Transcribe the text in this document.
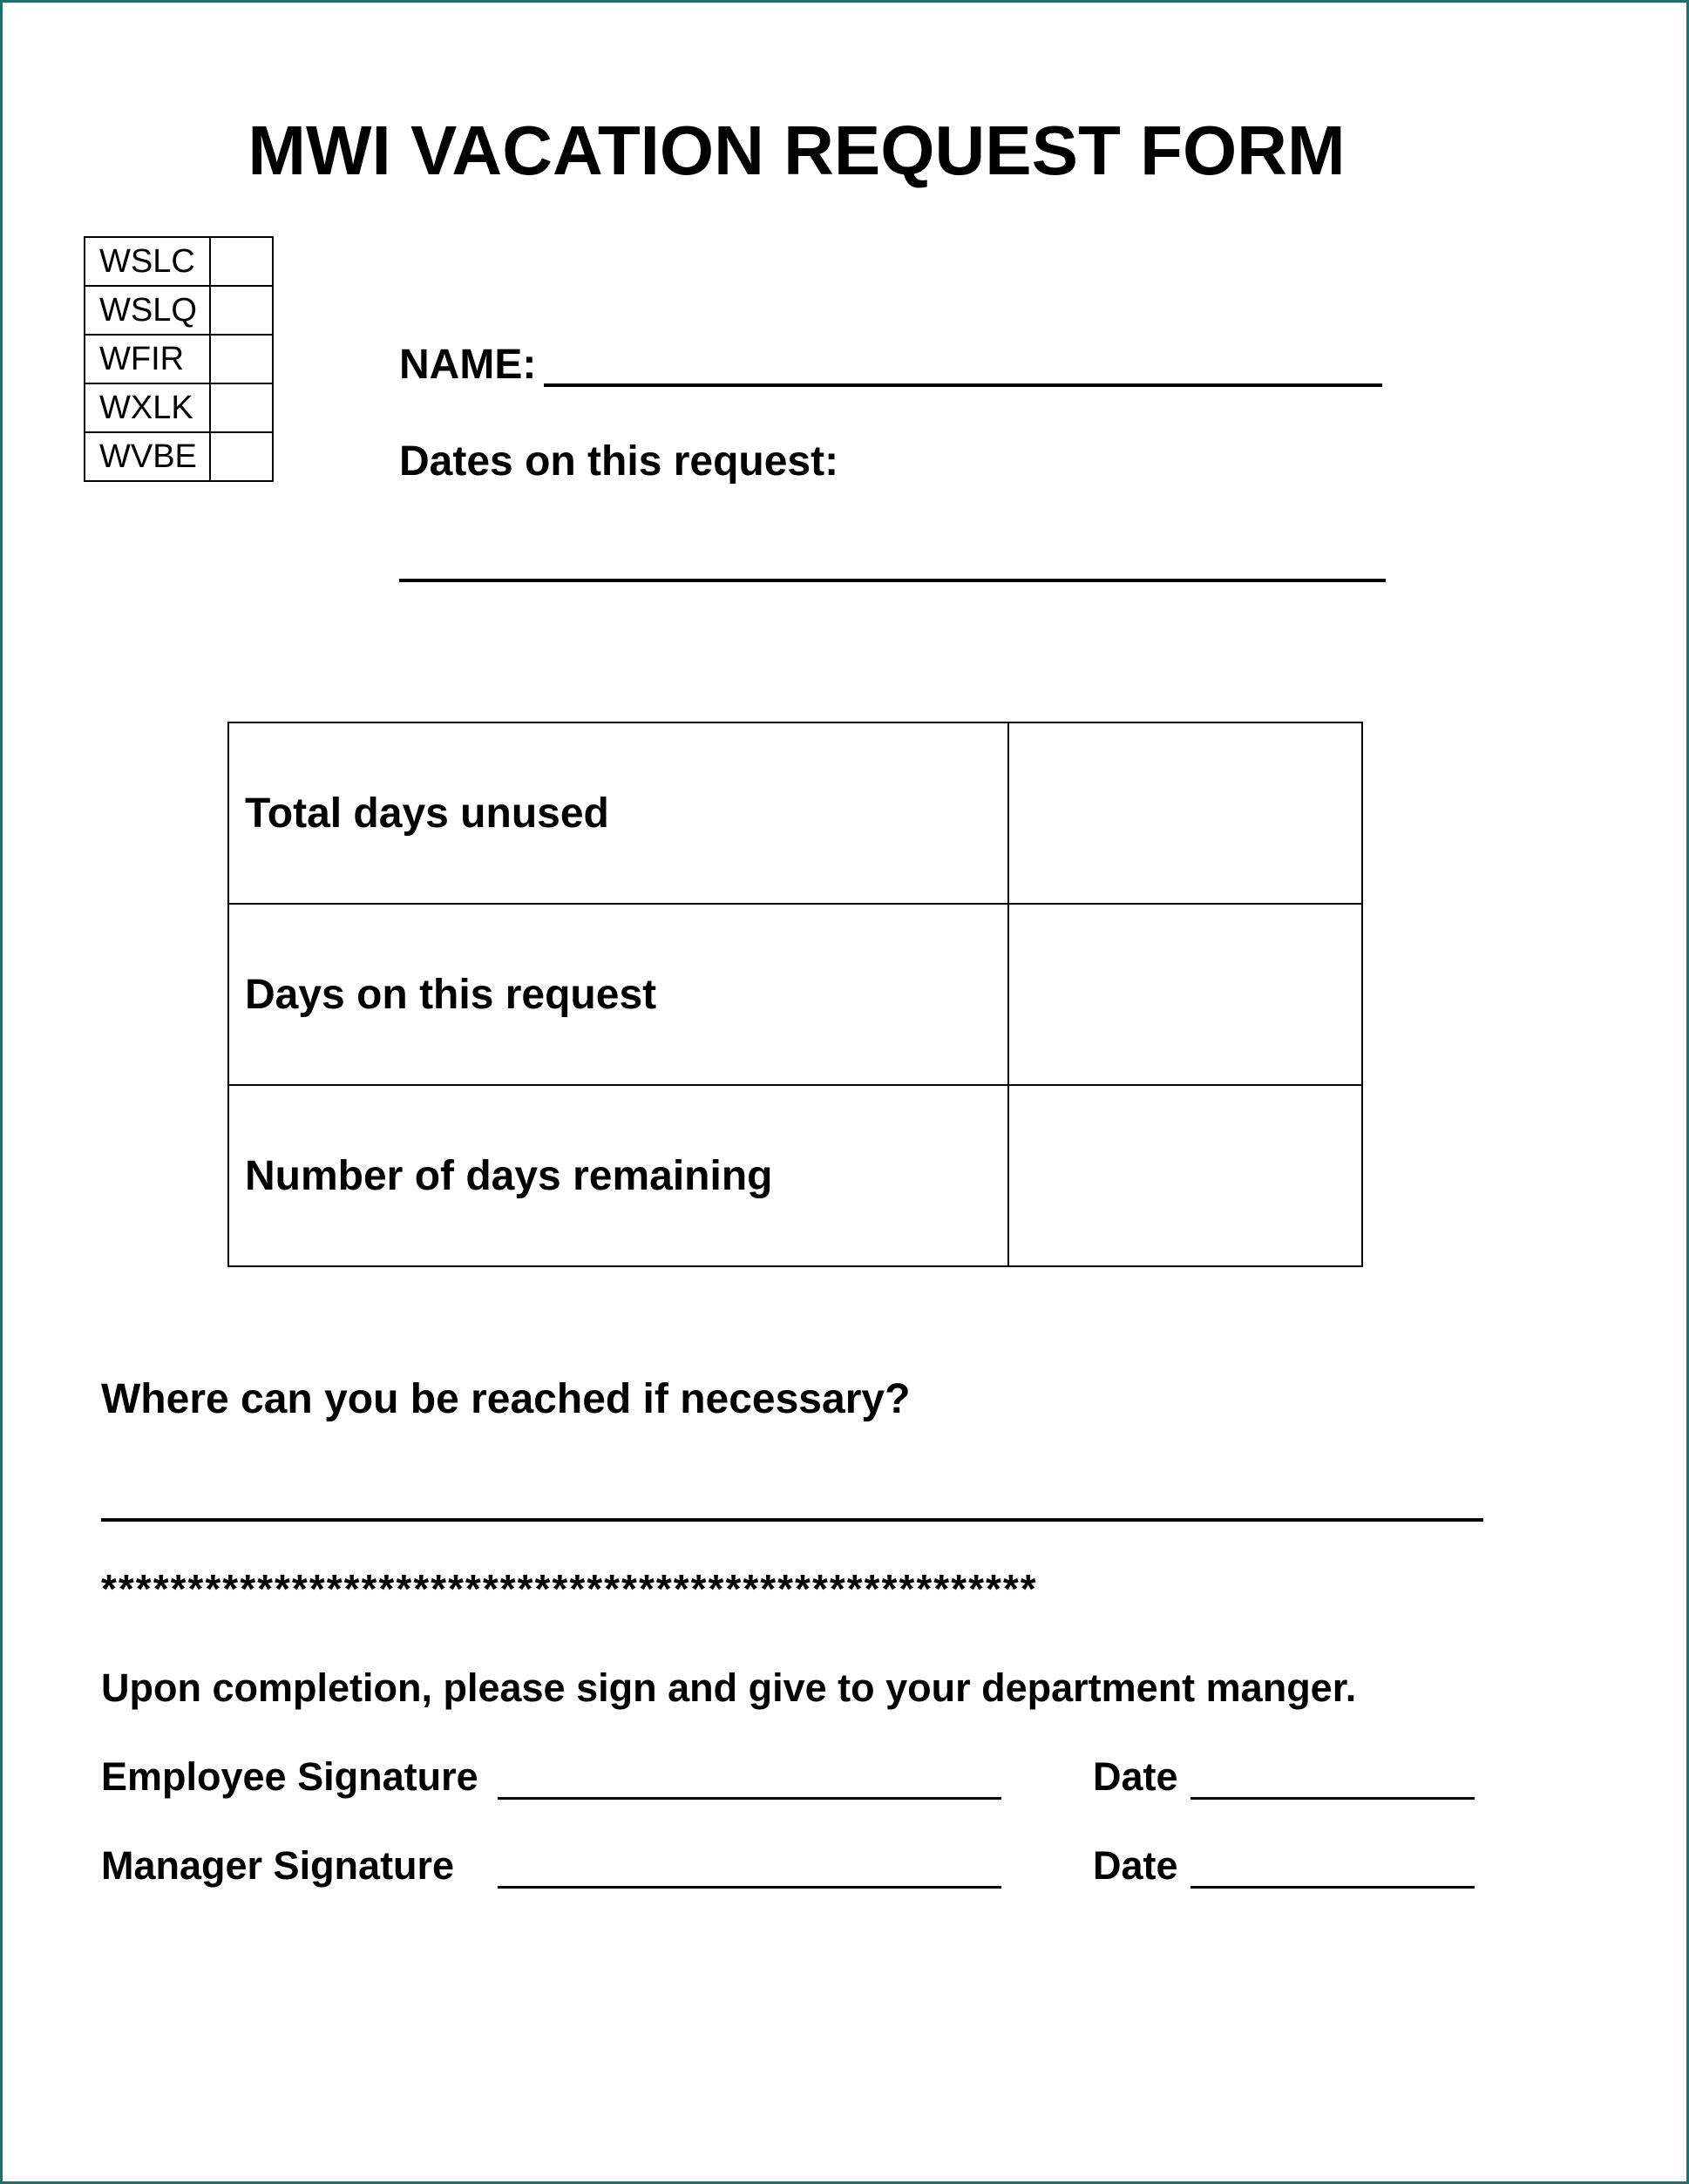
MWI VACATION REQUEST FORM
WSLC	
WSLQ	
WFIR	
WXLK	
WVBE	
NAME:
Dates on this request:
Total days unused	
Days on this request	
Number of days remaining	
Where can you be reached if necessary?
******************************************************
Upon completion, please sign and give to your department manger.
Employee Signature	Date
Manager Signature	Date
